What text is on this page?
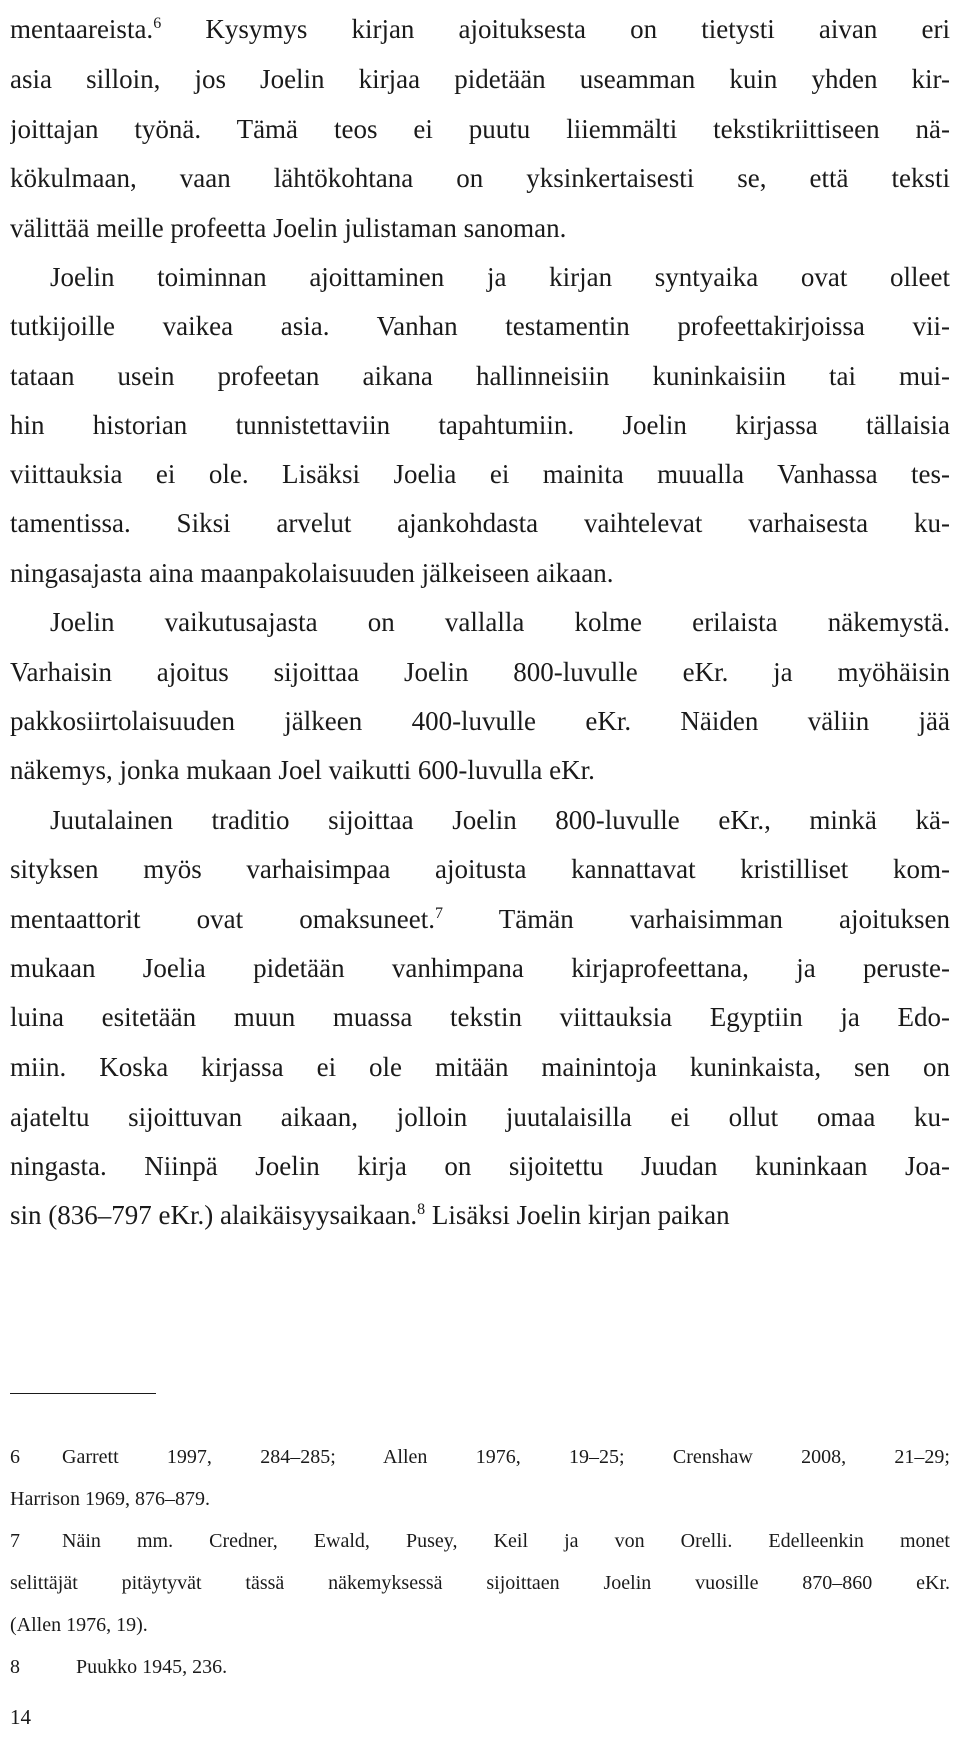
mentaareista.$^6$ Kysymys kirjan ajoituksesta on tietysti aivan eri
asia silloin, jos Joelin kirjaa pidetään useamman kuin yhden kir-
joittajan työnä. Tämä teos ei puutu liiemmälti tekstikriittiseen nä-
kökulmaan, vaan lähtökohtana on yksinkertaisesti se, että teksti
välittää meille profeetta Joelin julistaman sanoman.
Joelin toiminnan ajoittaminen ja kirjan syntyaika ovat olleet
tutkijoille vaikea asia. Vanhan testamentin profeettakirjoissa vii-
tataan usein profeetan aikana hallinneisiin kuninkaisiin tai mui-
hin historian tunnistettaviin tapahtumiin. Joelin kirjassa tällaisia
viittauksia ei ole. Lisäksi Joelia ei mainita muualla Vanhassa tes-
tamentissa. Siksi arvelut ajankohdasta vaihtelevat varhaisesta ku-
ningasajasta aina maanpakolaisuuden jälkeiseen aikaan.
Joelin vaikutusajasta on vallalla kolme erilaista näkemystä.
Varhaisin ajoitus sijoittaa Joelin 800-luvulle eKr. ja myöhäisin
pakkosiirtolaisuuden jälkeen 400-luvulle eKr. Näiden väliin jää
näkemys, jonka mukaan Joel vaikutti 600-luvulla eKr.
Juutalainen traditio sijoittaa Joelin 800-luvulle eKr., minkä kä-
sityksen myös varhaisimpaa ajoitusta kannattavat kristilliset kom-
mentaattorit ovat omaksuneet.$^7$ Tämän varhaisimman ajoituksen
mukaan Joelia pidetään vanhimpana kirjaprofeettana, ja peruste-
luina esitetään muun muassa tekstin viittauksia Egyptiin ja Edo-
miin. Koska kirjassa ei ole mitään mainintoja kuninkaista, sen on
ajateltu sijoittuvan aikaan, jolloin juutalaisilla ei ollut omaa ku-
ningasta. Niinpä Joelin kirja on sijoitettu Juudan kuninkaan Joa-
sin (836–797 eKr.) alaikäisyysaikaan.$^8$ Lisäksi Joelin kirjan paikan
6 Garrett 1997, 284–285; Allen 1976, 19–25; Crenshaw 2008, 21–29;
Harrison 1969, 876–879.
7 Näin mm. Credner, Ewald, Pusey, Keil ja von Orelli. Edelleenkin monet
selittäjät pitäytyvät tässä näkemyksessä sijoittaen Joelin vuosille 870–860 eKr.
(Allen 1976, 19).
8	Puukko 1945, 236.
14
